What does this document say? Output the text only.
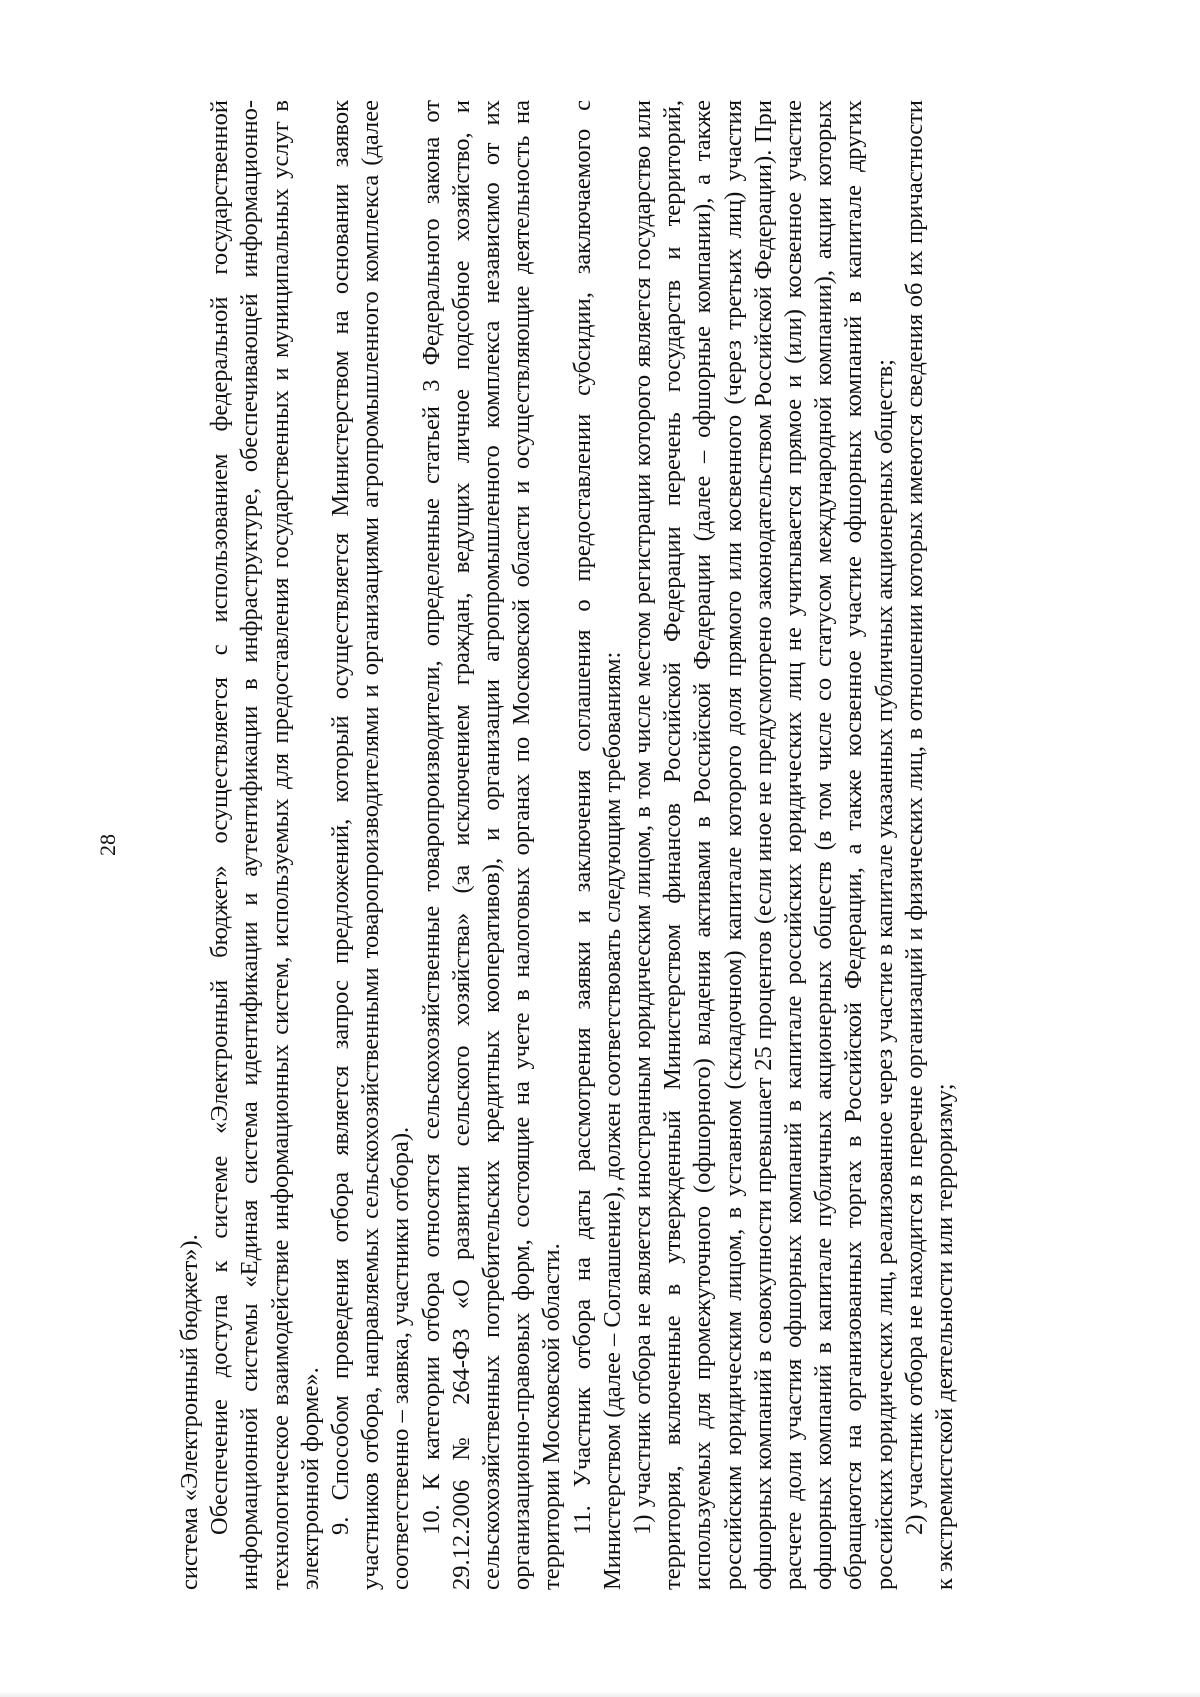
28

система «Электронный бюджет»). Обеспечение доступа к системе «Электронный бюджет» осуществляется с использованием федеральной государственной информационной системы «Единая система идентификации и аутентификации в инфраструктуре, обеспечивающей информационно-технологическое взаимодействие информационных систем, используемых для предоставления государственных и муниципальных услуг в электронной форме». 9. Способом проведения отбора является запрос предложений, который осуществляется Министерством на основании заявок участников отбора, направляемых сельскохозяйственными товаропроизводителями и организациями агропромышленного комплекса (далее соответственно – заявка, участники отбора). 10. К категории отбора относятся сельскохозяйственные товаропроизводители, определенные статьей 3 Федерального закона от 29.12.2006 № 264-ФЗ «О развитии сельского хозяйства» (за исключением граждан, ведущих личное подсобное хозяйство, и сельскохозяйственных потребительских кредитных кооперативов), и организации агропромышленного комплекса независимо от их организационно-правовых форм, состоящие на учете в налоговых органах по Московской области и осуществляющие деятельность на территории Московской области. 11. Участник отбора на даты рассмотрения заявки и заключения соглашения о предоставлении субсидии, заключаемого с Министерством (далее – Соглашение), должен соответствовать следующим требованиям: 1) участник отбора не является иностранным юридическим лицом, в том числе местом регистрации которого является государство или территория, включенные в утвержденный Министерством финансов Российской Федерации перечень государств и территорий, используемых для промежуточного (офшорного) владения активами в Российской Федерации (далее – офшорные компании), а также российским юридическим лицом, в уставном (складочном) капитале которого доля прямого или косвенного (через третьих лиц) участия офшорных компаний в совокупности превышает 25 процентов (если иное не предусмотрено законодательством Российской Федерации). При расчете доли участия офшорных компаний в капитале российских юридических лиц не учитывается прямое и (или) косвенное участие офшорных компаний в капитале публичных акционерных обществ (в том числе со статусом международной компании), акции которых обращаются на организованных торгах в Российской Федерации, а также косвенное участие офшорных компаний в капитале других российских юридических лиц, реализованное через участие в капитале указанных публичных акционерных обществ; 2) участник отбора не находится в перечне организаций и физических лиц, в отношении которых имеются сведения об их причастности к экстремистской деятельности или терроризму;
